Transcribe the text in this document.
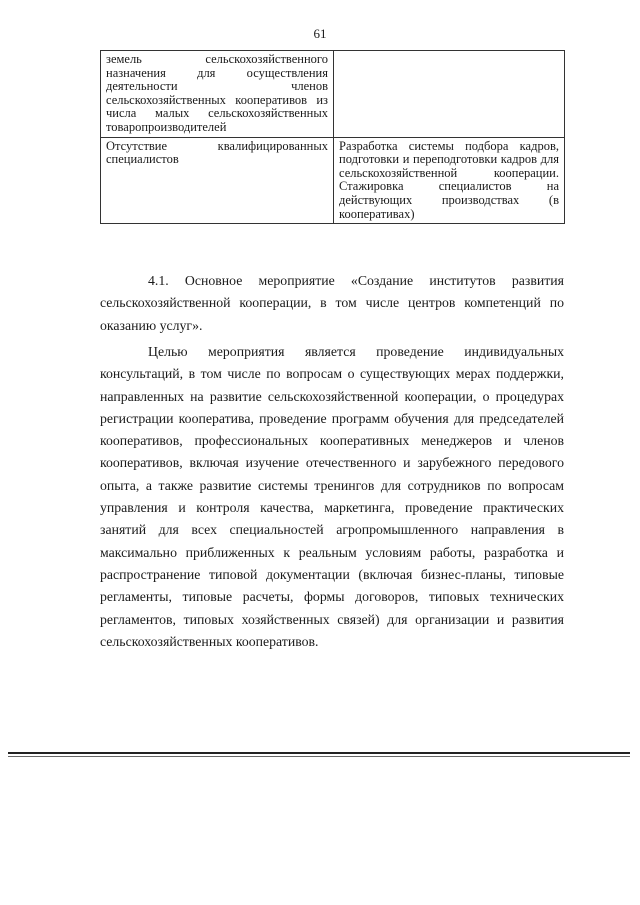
61
земель сельскохозяйственного назначения для осуществления деятельности членов сельскохозяйственных кооперативов из числа малых сельскохозяйственных товаропроизводителей	
Отсутствие квалифицированных специалистов	Разработка системы подбора кадров, подготовки и переподготовки кадров для сельскохозяйственной кооперации. Стажировка специалистов на действующих производствах (в кооперативах)

4.1. Основное мероприятие «Создание институтов развития сельскохозяйственной кооперации, в том числе центров компетенций по оказанию услуг».

Целью мероприятия является проведение индивидуальных консультаций, в том числе по вопросам о существующих мерах поддержки, направленных на развитие сельскохозяйственной кооперации, о процедурах регистрации кооператива, проведение программ обучения для председателей кооперативов, профессиональных кооперативных менеджеров и членов кооперативов, включая изучение отечественного и зарубежного передового опыта, а также развитие системы тренингов для сотрудников по вопросам управления и контроля качества, маркетинга, проведение практических занятий для всех специальностей агропромышленного направления в максимально приближенных к реальным условиям работы, разработка и распространение типовой документации (включая бизнес-планы, типовые регламенты, типовые расчеты, формы договоров, типовых технических регламентов, типовых хозяйственных связей) для организации и развития сельскохозяйственных кооперативов.
